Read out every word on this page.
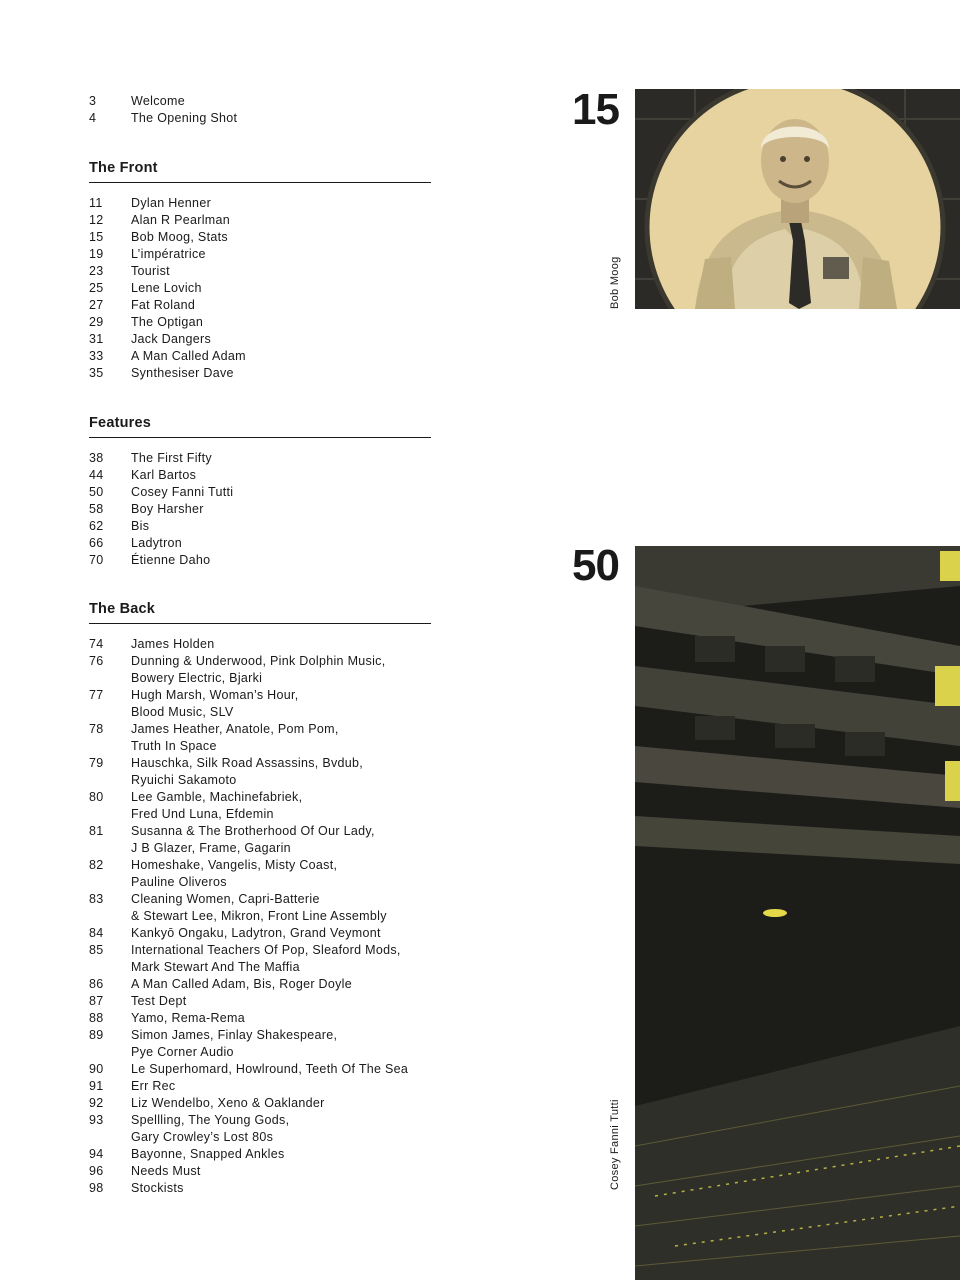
3	Welcome
4	The Opening Shot
The Front
11	Dylan Henner
12	Alan R Pearlman
15	Bob Moog, Stats
19	L’impératrice
23	Tourist
25	Lene Lovich
27	Fat Roland
29	The Optigan
31	Jack Dangers
33	A Man Called Adam
35	Synthesiser Dave
Features
38	The First Fifty
44	Karl Bartos
50	Cosey Fanni Tutti
58	Boy Harsher
62	Bis
66	Ladytron
70	Étienne Daho
The Back
74	James Holden
76	Dunning & Underwood, Pink Dolphin Music,
Bowery Electric, Bjarki
77	Hugh Marsh, Woman’s Hour,
Blood Music, SLV
78	James Heather, Anatole, Pom Pom,
Truth In Space
79	Hauschka, Silk Road Assassins, Bvdub,
Ryuichi Sakamoto
80	Lee Gamble, Machinefabriek,
Fred Und Luna, Efdemin
81	Susanna & The Brotherhood Of Our Lady,
J B Glazer, Frame, Gagarin
82	Homeshake, Vangelis, Misty Coast,
Pauline Oliveros
83	Cleaning Women, Capri-Batterie
& Stewart Lee, Mikron, Front Line Assembly
84	Kankyō Ongaku, Ladytron, Grand Veymont
85	International Teachers Of Pop, Sleaford Mods,
Mark Stewart And The Maffia
86	A Man Called Adam, Bis, Roger Doyle
87	Test Dept
88	Yamo, Rema-Rema
89	Simon James, Finlay Shakespeare,
Pye Corner Audio
90	Le Superhomard, Howlround, Teeth Of The Sea
91	Err Rec
92	Liz Wendelbo, Xeno & Oaklander
93	Spellling, The Young Gods,
Gary Crowley’s Lost 80s
94	Bayonne, Snapped Ankles
96	Needs Must
98	Stockists
15
Bob Moog
50
Cosey Fanni Tutti
